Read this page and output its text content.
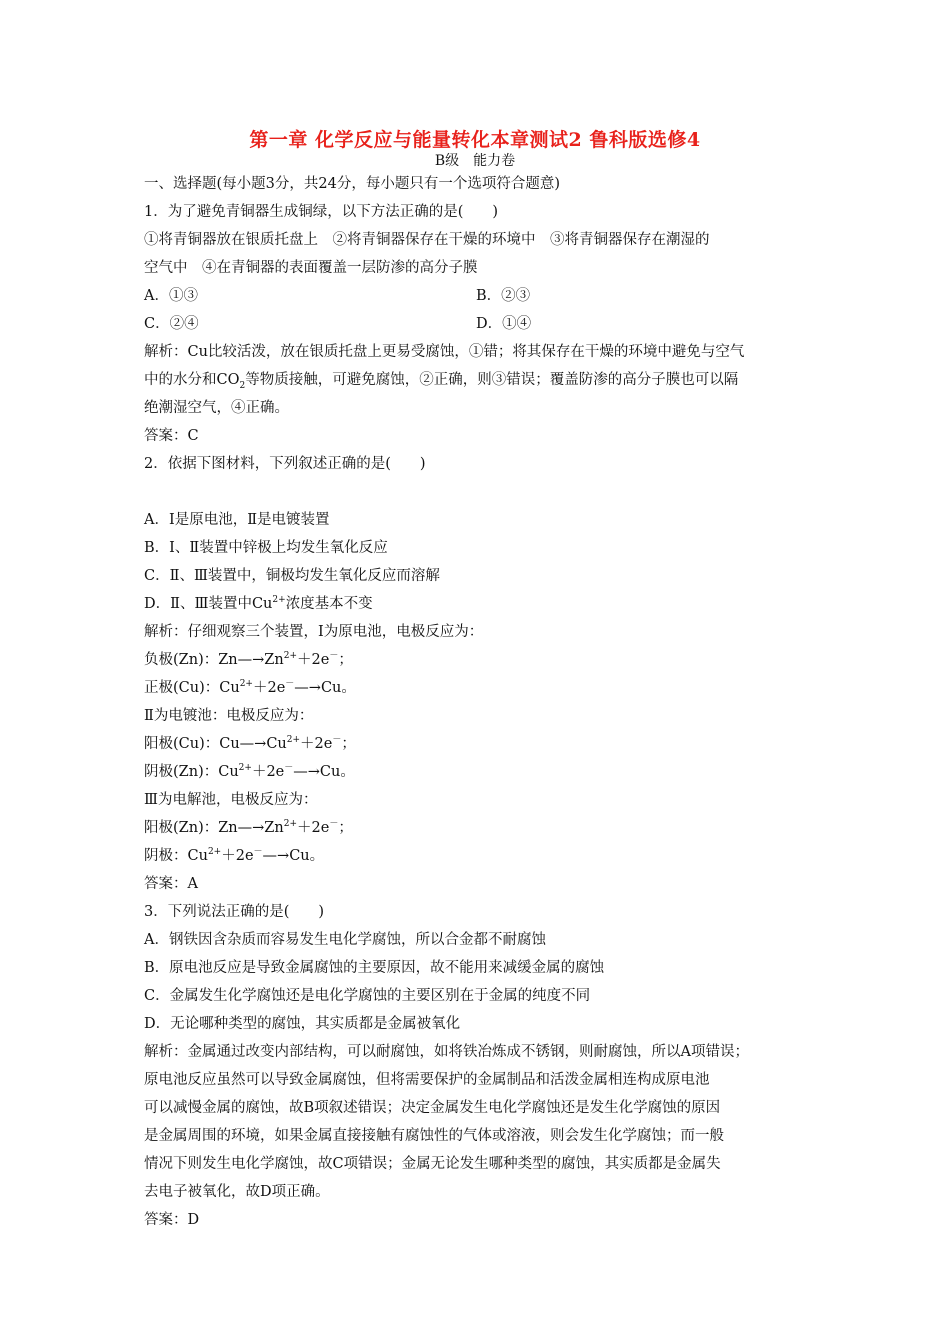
第一章 化学反应与能量转化本章测试2 鲁科版选修4
B级　能力卷
一、选择题(每小题3分，共24分，每小题只有一个选项符合题意)
1．为了避免青铜器生成铜绿，以下方法正确的是(　　)
①将青铜器放在银质托盘上　②将青铜器保存在干燥的环境中　③将青铜器保存在潮湿的
空气中　④在青铜器的表面覆盖一层防渗的高分子膜
A．①③	B．②③
C．②④	D．①④
解析：Cu比较活泼，放在银质托盘上更易受腐蚀，①错；将其保存在干燥的环境中避免与空气
中的水分和$CO_2$等物质接触，可避免腐蚀，②正确，则③错误；覆盖防渗的高分子膜也可以隔
绝潮湿空气，④正确。
答案：C
2．依据下图材料，下列叙述正确的是(　　)
A．Ⅰ是原电池，Ⅱ是电镀装置
B．Ⅰ、Ⅱ装置中锌极上均发生氧化反应
C．Ⅱ、Ⅲ装置中，铜极均发生氧化反应而溶解
D．Ⅱ、Ⅲ装置中$Cu^{2+}$浓度基本不变
解析：仔细观察三个装置，Ⅰ为原电池，电极反应为：
负极(Zn)：$Zn—\to Zn^{2+}+2e^-$；
正极(Cu)：$Cu^{2+}+2e^-—\to Cu$。
Ⅱ为电镀池：电极反应为：
阳极(Cu)：$Cu—\to Cu^{2+}+2e^-$；
阴极(Zn)：$Cu^{2+}+2e^-—\to Cu$。
Ⅲ为电解池，电极反应为：
阳极(Zn)：$Zn—\to Zn^{2+}+2e^-$；
阴极：$Cu^{2+}+2e^-—\to Cu$。
答案：A
3．下列说法正确的是(　　)
A．钢铁因含杂质而容易发生电化学腐蚀，所以合金都不耐腐蚀
B．原电池反应是导致金属腐蚀的主要原因，故不能用来减缓金属的腐蚀
C．金属发生化学腐蚀还是电化学腐蚀的主要区别在于金属的纯度不同
D．无论哪种类型的腐蚀，其实质都是金属被氧化
解析：金属通过改变内部结构，可以耐腐蚀，如将铁冶炼成不锈钢，则耐腐蚀，所以A项错误；
原电池反应虽然可以导致金属腐蚀，但将需要保护的金属制品和活泼金属相连构成原电池
可以减慢金属的腐蚀，故B项叙述错误；决定金属发生电化学腐蚀还是发生化学腐蚀的原因
是金属周围的环境，如果金属直接接触有腐蚀性的气体或溶液，则会发生化学腐蚀；而一般
情况下则发生电化学腐蚀，故C项错误；金属无论发生哪种类型的腐蚀，其实质都是金属失
去电子被氧化，故D项正确。
答案：D
